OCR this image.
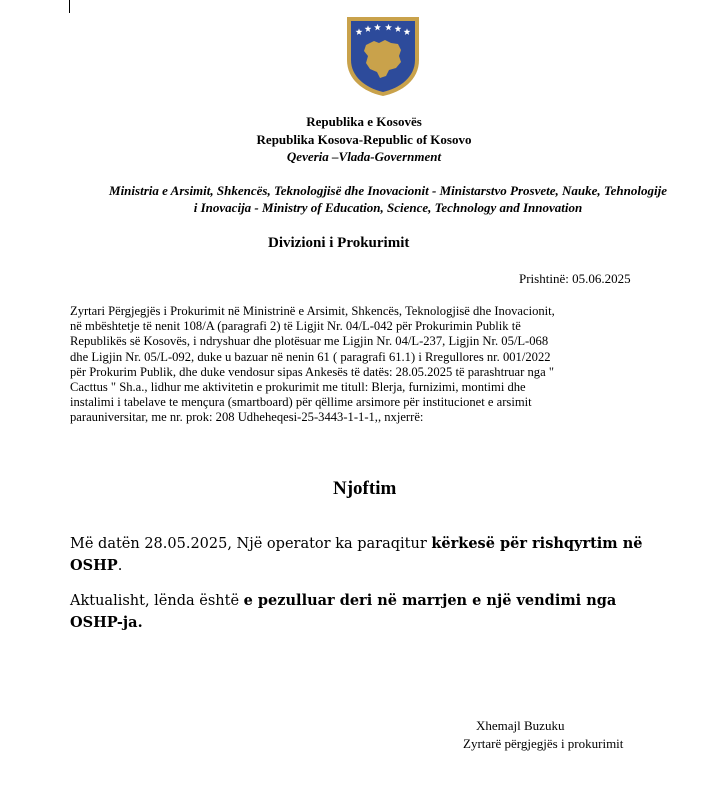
Republika e Kosovës
Republika Kosova-Republic of Kosovo
Qeveria –Vlada-Government
Ministria e Arsimit, Shkencës, Teknologjisë dhe Inovacionit - Ministarstvo Prosvete, Nauke, Tehnologije
i Inovacija - Ministry of Education, Science, Technology and Innovation
Divizioni i Prokurimit
Prishtinë: 05.06.2025
Zyrtari Përgjegjës i Prokurimit në Ministrinë e Arsimit, Shkencës, Teknologjisë dhe Inovacionit,
në mbështetje të nenit 108/A (paragrafi 2) të Ligjit Nr. 04/L-042 për Prokurimin Publik të
Republikës së Kosovës, i ndryshuar dhe plotësuar me Ligjin Nr. 04/L-237, Ligjin Nr. 05/L-068
dhe Ligjin Nr. 05/L-092, duke u bazuar në nenin 61 ( paragrafi 61.1) i Rregullores nr. 001/2022
për Prokurim Publik, dhe duke vendosur sipas Ankesës të datës: 28.05.2025 të parashtruar nga "
Cacttus " Sh.a., lidhur me aktivitetin e prokurimit me titull: Blerja, furnizimi, montimi dhe
instalimi i tabelave te mençura (smartboard) për qëllime arsimore për institucionet e arsimit
parauniversitar, me nr. prok: 208 Udheheqesi-25-3443-1-1-1,, nxjerrë:
Njoftim
Më datën 28.05.2025, Një operator ka paraqitur kërkesë për rishqyrtim në OSHP.
Aktualisht, lënda është e pezulluar deri në marrjen e një vendimi nga OSHP-ja.
Xhemajl Buzuku
Zyrtarë përgjegjës i prokurimit
